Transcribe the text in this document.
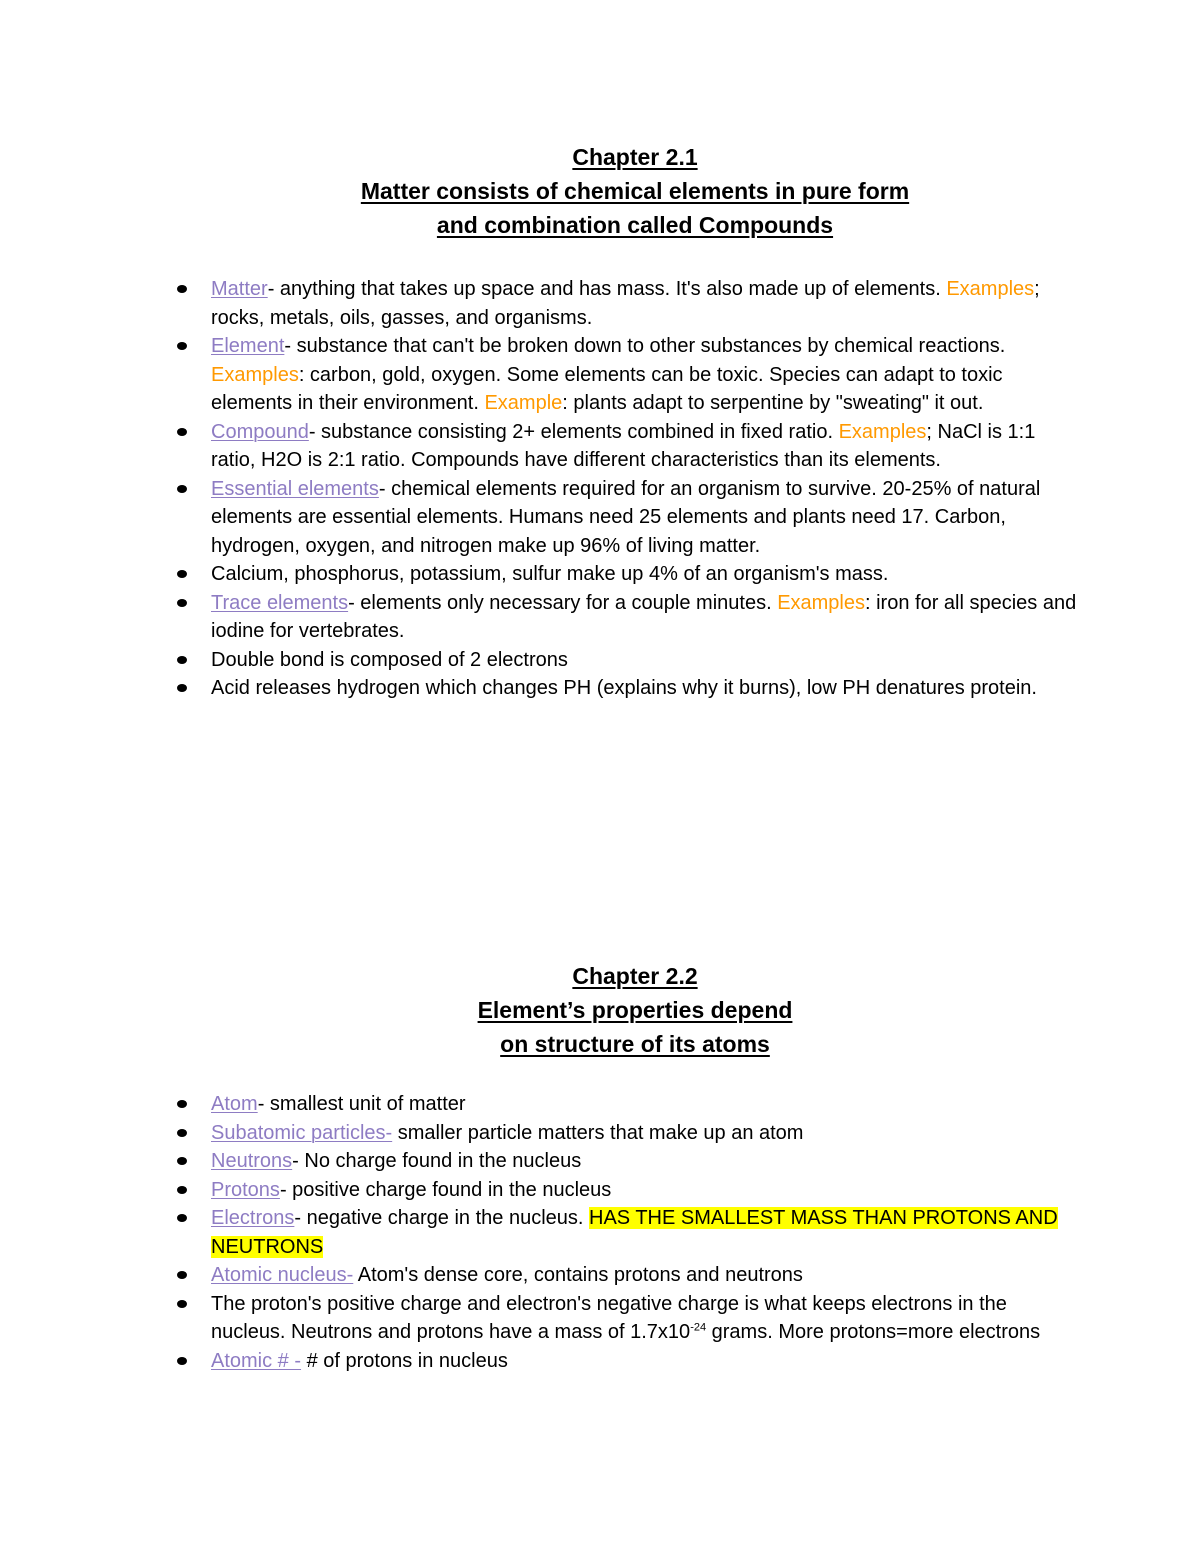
Chapter 2.1
Matter consists of chemical elements in pure form
and combination called Compounds
Matter- anything that takes up space and has mass. It's also made up of elements. Examples; rocks, metals, oils, gasses, and organisms.
Element- substance that can't be broken down to other substances by chemical reactions. Examples: carbon, gold, oxygen. Some elements can be toxic. Species can adapt to toxic elements in their environment. Example: plants adapt to serpentine by "sweating" it out.
Compound- substance consisting 2+ elements combined in fixed ratio. Examples; NaCl is 1:1 ratio, H2O is 2:1 ratio. Compounds have different characteristics than its elements.
Essential elements- chemical elements required for an organism to survive. 20-25% of natural elements are essential elements. Humans need 25 elements and plants need 17. Carbon, hydrogen, oxygen, and nitrogen make up 96% of living matter.
Calcium, phosphorus, potassium, sulfur make up 4% of an organism's mass.
Trace elements- elements only necessary for a couple minutes. Examples: iron for all species and iodine for vertebrates.
Double bond is composed of 2 electrons
Acid releases hydrogen which changes PH (explains why it burns), low PH denatures protein.
Chapter 2.2
Element’s properties depend
on structure of its atoms
Atom- smallest unit of matter
Subatomic particles- smaller particle matters that make up an atom
Neutrons- No charge found in the nucleus
Protons- positive charge found in the nucleus
Electrons- negative charge in the nucleus. HAS THE SMALLEST MASS THAN PROTONS AND NEUTRONS
Atomic nucleus- Atom's dense core, contains protons and neutrons
The proton's positive charge and electron's negative charge is what keeps electrons in the nucleus. Neutrons and protons have a mass of $1.7x10^{-24}$ grams. More protons=more electrons
Atomic # - # of protons in nucleus
